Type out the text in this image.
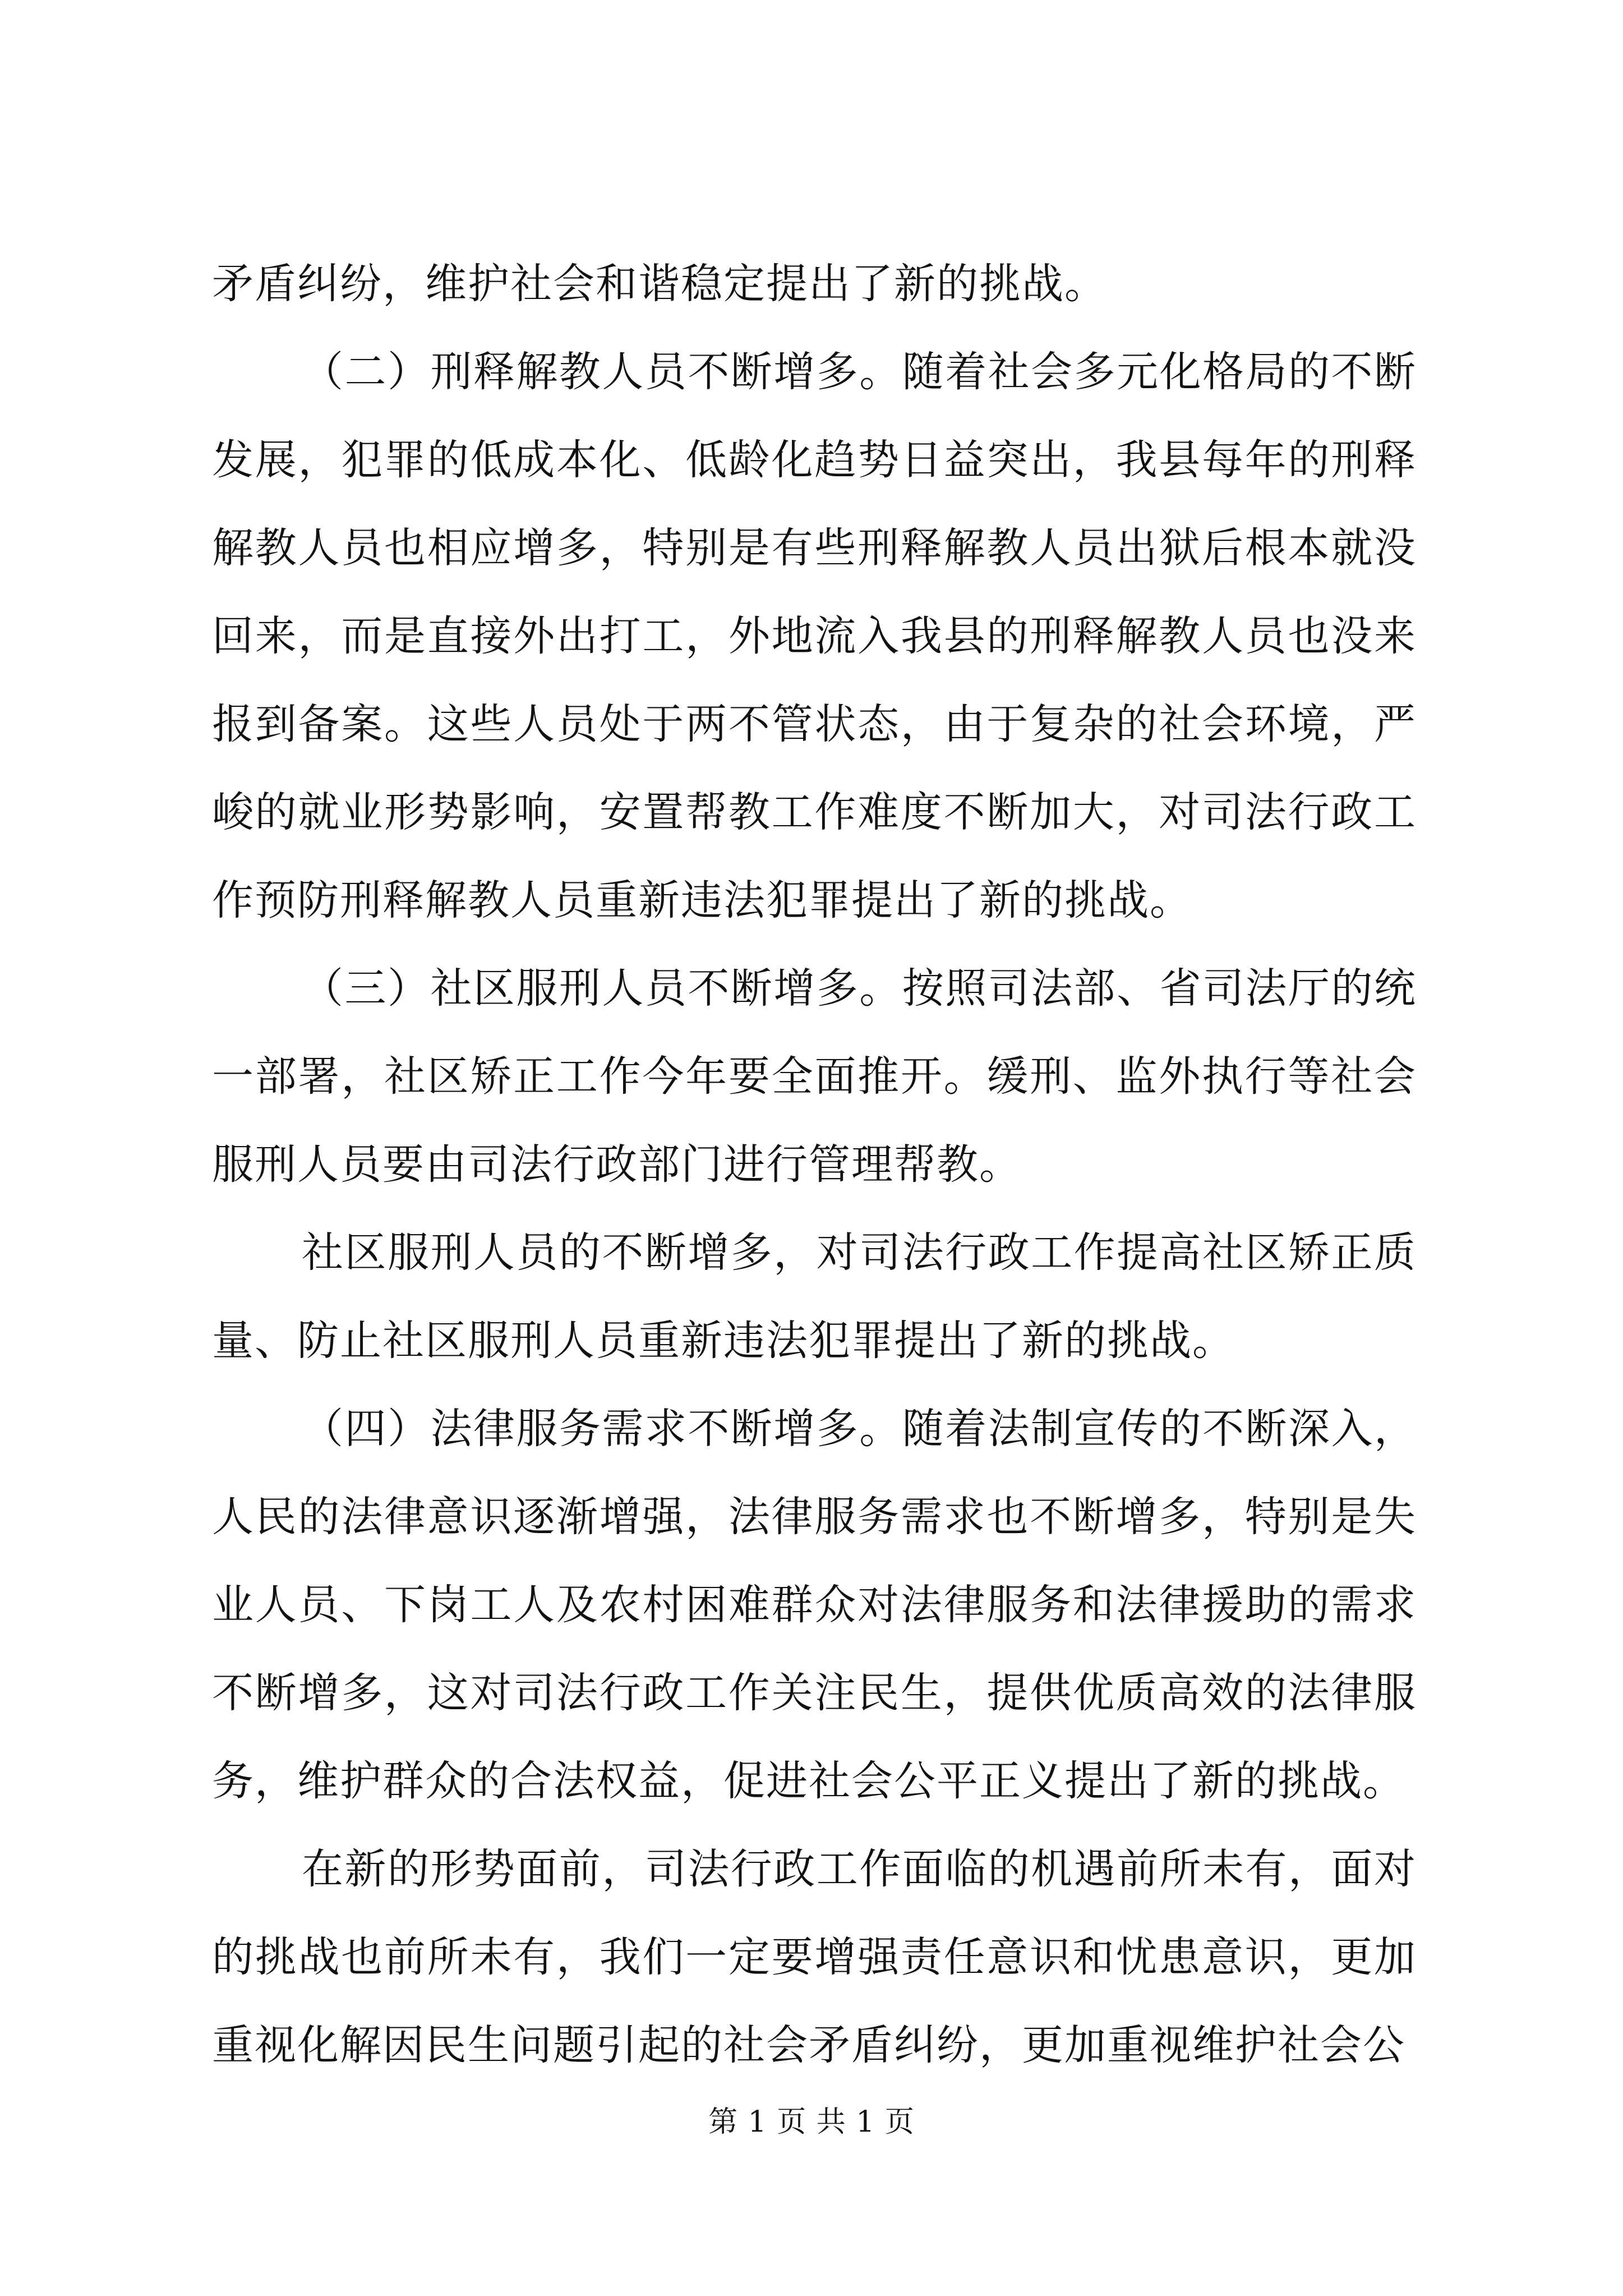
矛盾纠纷，维护社会和谐稳定提出了新的挑战。

（二）刑释解教人员不断增多。随着社会多元化格局的不断发展，犯罪的低成本化、低龄化趋势日益突出，我县每年的刑释解教人员也相应增多，特别是有些刑释解教人员出狱后根本就没回来，而是直接外出打工，外地流入我县的刑释解教人员也没来报到备案。这些人员处于两不管状态，由于复杂的社会环境，严峻的就业形势影响，安置帮教工作难度不断加大，对司法行政工作预防刑释解教人员重新违法犯罪提出了新的挑战。

（三）社区服刑人员不断增多。按照司法部、省司法厅的统一部署，社区矫正工作今年要全面推开。缓刑、监外执行等社会服刑人员要由司法行政部门进行管理帮教。

社区服刑人员的不断增多，对司法行政工作提高社区矫正质量、防止社区服刑人员重新违法犯罪提出了新的挑战。

（四）法律服务需求不断增多。随着法制宣传的不断深入，人民的法律意识逐渐增强，法律服务需求也不断增多，特别是失业人员、下岗工人及农村困难群众对法律服务和法律援助的需求不断增多，这对司法行政工作关注民生，提供优质高效的法律服务，维护群众的合法权益，促进社会公平正义提出了新的挑战。

在新的形势面前，司法行政工作面临的机遇前所未有，面对的挑战也前所未有，我们一定要增强责任意识和忧患意识，更加重视化解因民生问题引起的社会矛盾纠纷，更加重视维护社会公

第 1 页 共 1 页
